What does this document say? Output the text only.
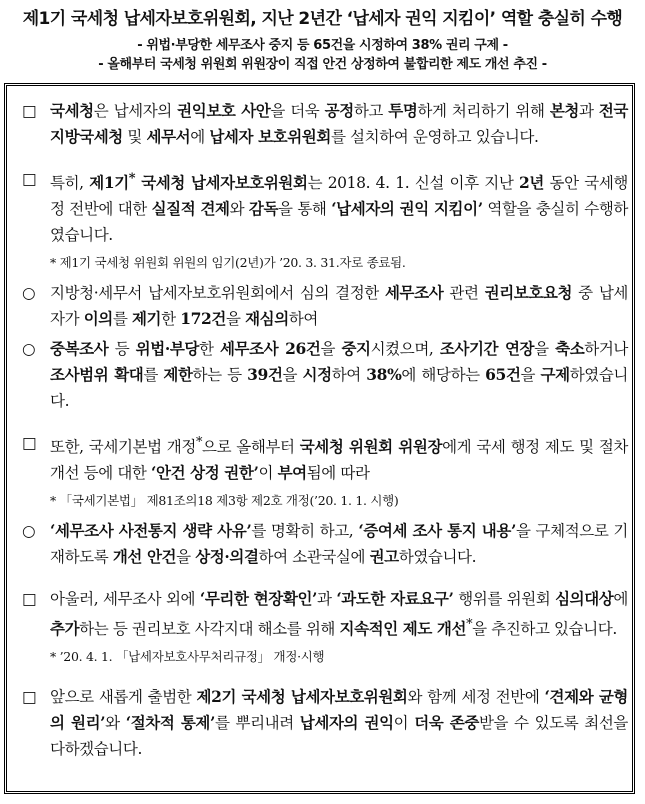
제1기 국세청 납세자보호위원회, 지난 2년간 ‘납세자 권익 지킴이’ 역할 충실히 수행
- 위법·부당한 세무조사 중지 등 65건을 시정하여 38% 권리 구제 -
- 올해부터 국세청 위원회 위원장이 직접 안건 상정하여 불합리한 제도 개선 추진 -
□ 국세청은 납세자의 권익보호 사안을 더욱 공정하고 투명하게 처리하기 위해 본청과 전국 지방국세청 및 세무서에 납세자 보호위원회를 설치하여 운영하고 있습니다.
□ 특히, 제1기* 국세청 납세자보호위원회는 2018. 4. 1. 신설 이후 지난 2년 동안 국세행정 전반에 대한 실질적 견제와 감독을 통해 ‘납세자의 권익 지킴이’ 역할을 충실히 수행하였습니다.
* 제1기 국세청 위원회 위원의 임기(2년)가 ’20. 3. 31.자로 종료됨.
○ 지방청·세무서 납세자보호위원회에서 심의 결정한 세무조사 관련 권리보호요청 중 납세자가 이의를 제기한 172건을 재심의하여
○ 중복조사 등 위법·부당한 세무조사 26건을 중지시켰으며, 조사기간 연장을 축소하거나 조사범위 확대를 제한하는 등 39건을 시정하여 38%에 해당하는 65건을 구제하였습니다.
□ 또한, 국세기본법 개정*으로 올해부터 국세청 위원회 위원장에게 국세 행정 제도 및 절차 개선 등에 대한 ‘안건 상정 권한’이 부여됨에 따라
* 「국세기본법」 제81조의18 제3항 제2호 개정(’20. 1. 1. 시행)
○ ‘세무조사 사전통지 생략 사유’를 명확히 하고, ‘증여세 조사 통지 내용’을 구체적으로 기재하도록 개선 안건을 상정·의결하여 소관국실에 권고하였습니다.
□ 아울러, 세무조사 외에 ‘무리한 현장확인’과 ‘과도한 자료요구’ 행위를 위원회 심의대상에 추가하는 등 권리보호 사각지대 해소를 위해 지속적인 제도 개선*을 추진하고 있습니다.
* ’20. 4. 1. 「납세자보호사무처리규정」 개정·시행
□ 앞으로 새롭게 출범한 제2기 국세청 납세자보호위원회와 함께 세정 전반에 ‘견제와 균형의 원리’와 ‘절차적 통제’를 뿌리내려 납세자의 권익이 더욱 존중받을 수 있도록 최선을 다하겠습니다.
